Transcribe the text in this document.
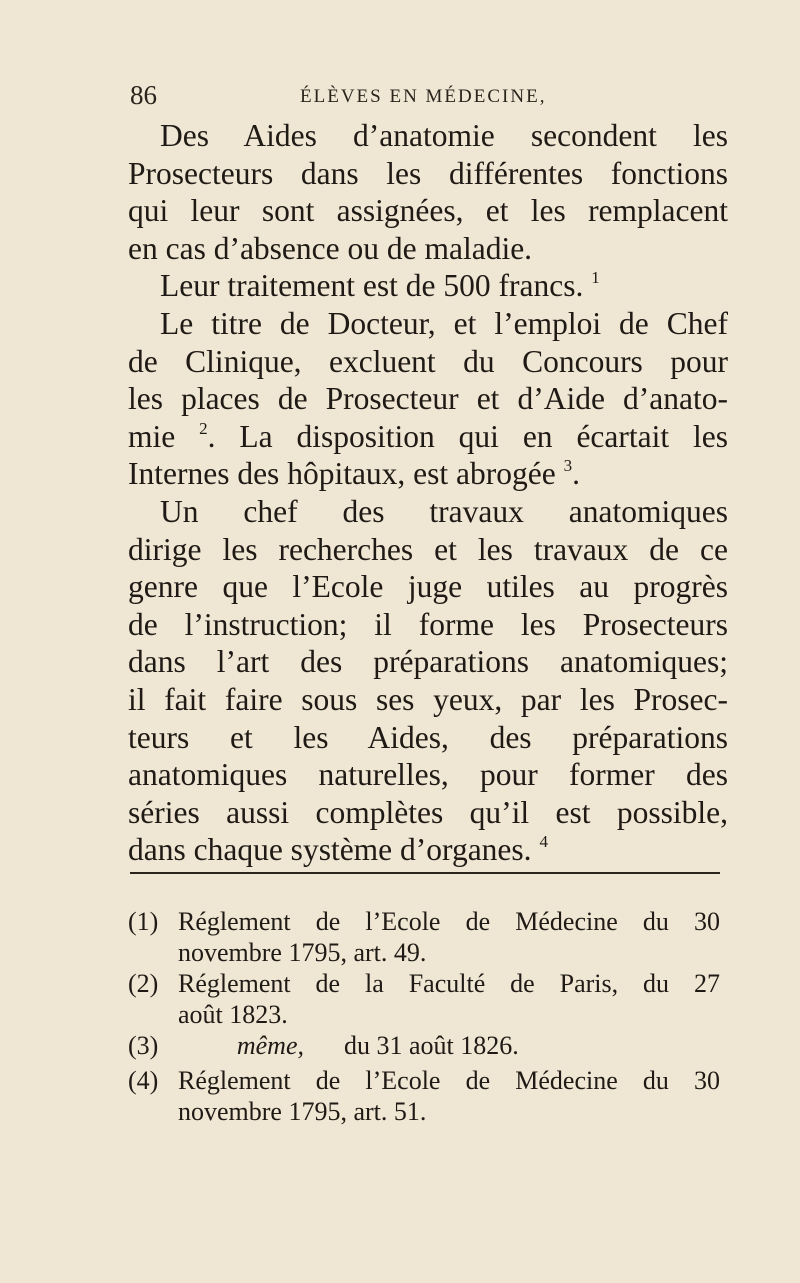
86	ÉLÈVES EN MÉDECINE,
Des Aides d’anatomie secondent les
Prosecteurs dans les différentes fonctions
qui leur sont assignées, et les remplacent
en cas d’absence ou de maladie.
Leur traitement est de 500 francs. $^1$
Le titre de Docteur, et l’emploi de Chef
de Clinique, excluent du Concours pour
les places de Prosecteur et d’Aide d’anato-
mie $^2$. La disposition qui en écartait les
Internes des hôpitaux, est abrogée $^3$.
Un chef des travaux anatomiques
dirige les recherches et les travaux de ce
genre que l’Ecole juge utiles au progrès
de l’instruction; il forme les Prosecteurs
dans l’art des préparations anatomiques;
il fait faire sous ses yeux, par les Prosec-
teurs et les Aides, des préparations
anatomiques naturelles, pour former des
séries aussi complètes qu’il est possible,
dans chaque système d’organes. $^4$
(1) Réglement de l’Ecole de Médecine du 30
novembre 1795, art. 49.
(2) Réglement de la Faculté de Paris, du 27
août 1823.
(3)	même, du 31 août 1826.
(4) Réglement de l’Ecole de Médecine du 30
novembre 1795, art. 51.
